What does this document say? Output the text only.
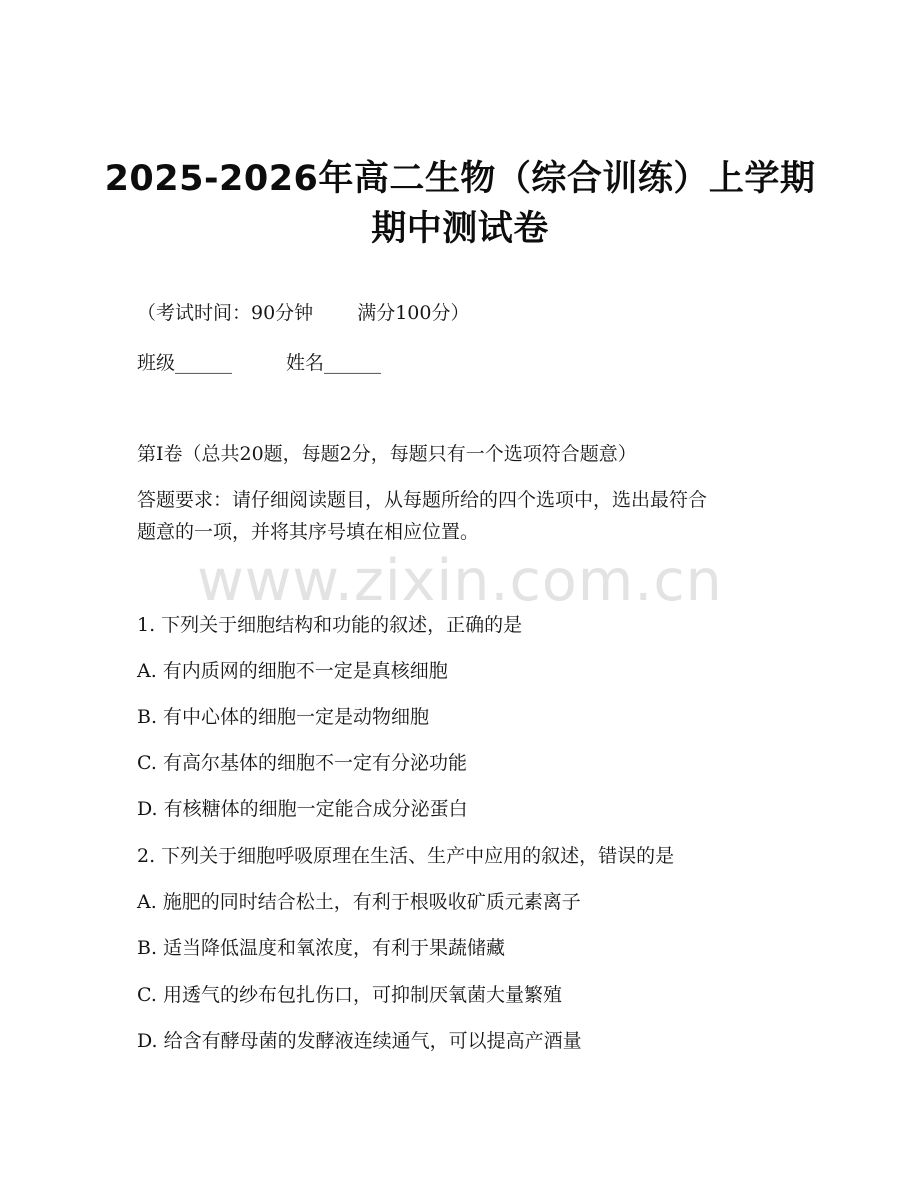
2025-2026年高二生物（综合训练）上学期
期中测试卷
（考试时间：90分钟 满分100分）
班级______	姓名______
第I卷（总共20题，每题2分，每题只有一个选项符合题意）
答题要求：请仔细阅读题目，从每题所给的四个选项中，选出最符合
题意的一项，并将其序号填在相应位置。
www.zixin.com.cn
1. 下列关于细胞结构和功能的叙述，正确的是
A. 有内质网的细胞不一定是真核细胞
B. 有中心体的细胞一定是动物细胞
C. 有高尔基体的细胞不一定有分泌功能
D. 有核糖体的细胞一定能合成分泌蛋白
2. 下列关于细胞呼吸原理在生活、生产中应用的叙述，错误的是
A. 施肥的同时结合松土，有利于根吸收矿质元素离子
B. 适当降低温度和氧浓度，有利于果蔬储藏
C. 用透气的纱布包扎伤口，可抑制厌氧菌大量繁殖
D. 给含有酵母菌的发酵液连续通气，可以提高产酒量
